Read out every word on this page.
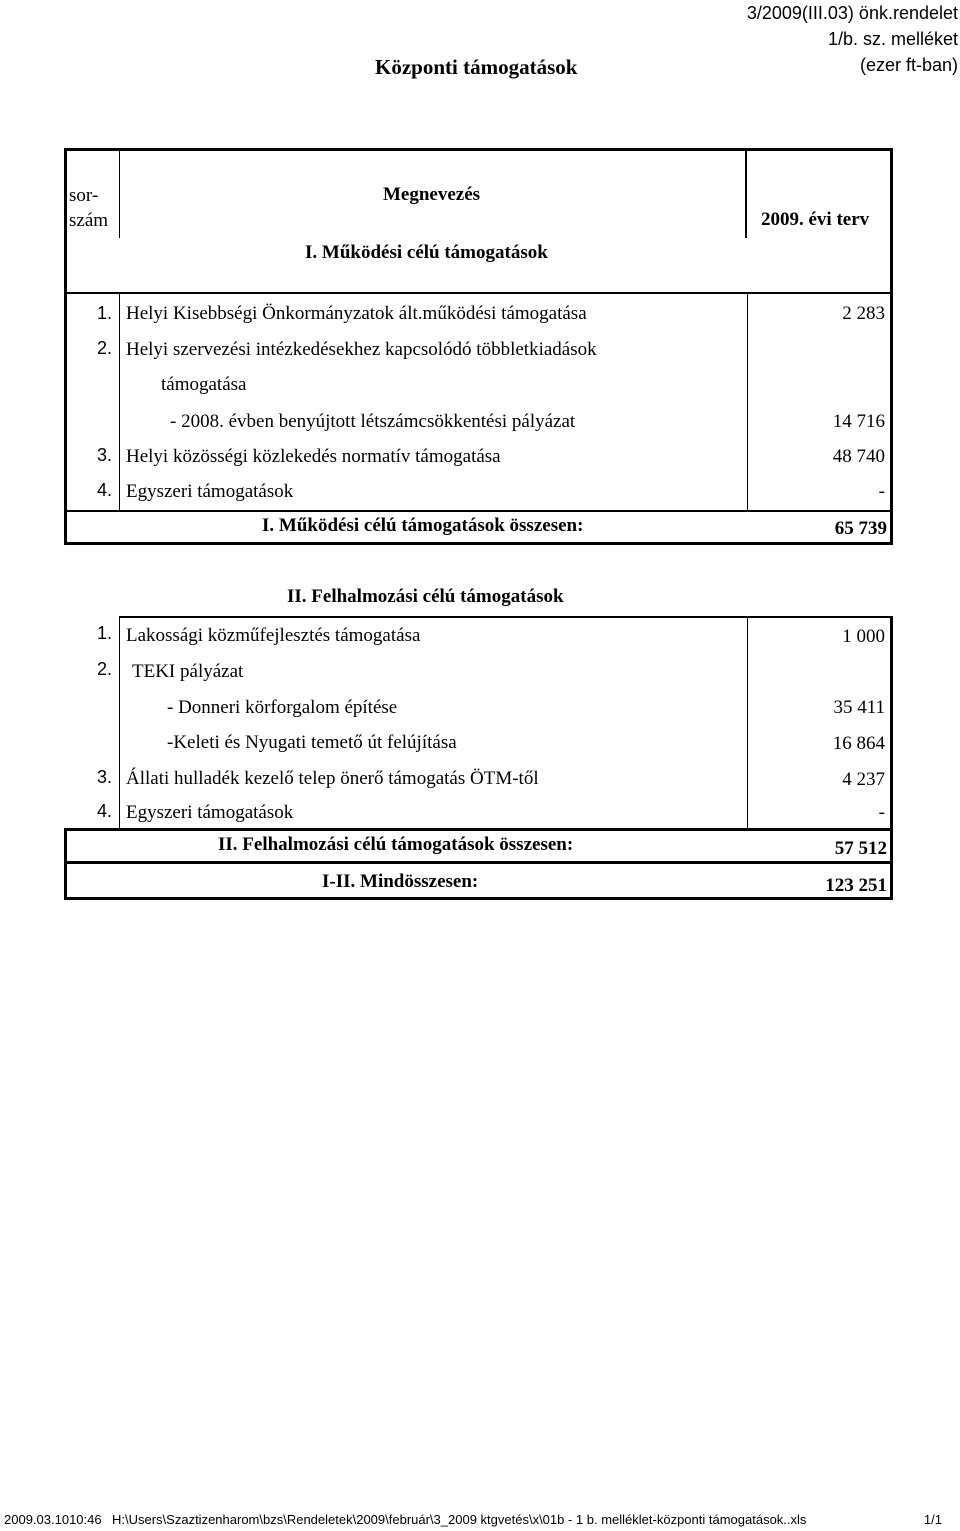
3/2009(III.03) önk.rendelet
1/b. sz. melléket
(ezer ft-ban)
Központi támogatások
sor-
szám
Megnevezés
2009. évi terv
I. Működési célú támogatások
1. Helyi Kisebbségi Önkormányzatok ált.működési támogatása	2 283
2. Helyi szervezési intézkedésekhez kapcsolódó többletkiadások
támogatása
- 2008. évben benyújtott létszámcsökkentési pályázat	14 716
3. Helyi közösségi közlekedés normatív támogatása	48 740
4. Egyszeri támogatások	-
I. Működési célú támogatások összesen:	65 739
II. Felhalmozási célú támogatások
1. Lakossági közműfejlesztés támogatása	1 000
2. TEKI pályázat
- Donneri körforgalom építése	35 411
-Keleti és Nyugati temető út felújítása	16 864
3. Állati hulladék kezelő telep önerő támogatás ÖTM-től	4 237
4. Egyszeri támogatások	-
II. Felhalmozási célú támogatások összesen:	57 512
I-II. Mindösszesen:	123 251
2009.03.1010:46 H:\Users\Szaztizenharom\bzs\Rendeletek\2009\február\3_2009 ktgvetés\x\01b - 1 b. melléklet-központi támogatások..xls	1/1
